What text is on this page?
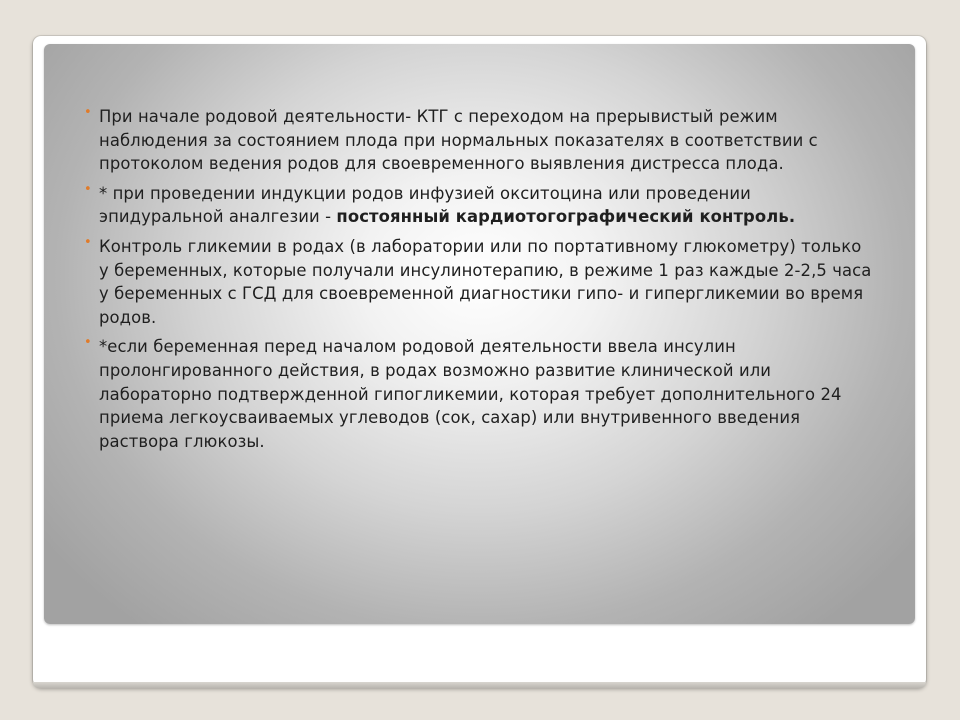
• При начале родовой деятельности- КТГ с переходом на прерывистый режим наблюдения за состоянием плода при нормальных показателях в соответствии с протоколом ведения родов для своевременного выявления дистресса плода.
• * при проведении индукции родов инфузией окситоцина или проведении эпидуральной аналгезии - постоянный кардиотогографический контроль.
• Контроль гликемии в родах (в лаборатории или по портативному глюкометру) только у беременных, которые получали инсулинотерапию, в режиме 1 раз каждые 2-2,5 часа у беременных с ГСД для своевременной диагностики гипо- и гипергликемии во время родов.
• *если беременная перед началом родовой деятельности ввела инсулин пролонгированного действия, в родах возможно развитие клинической или лабораторно подтвержденной гипогликемии, которая требует дополнительного 24 приема легкоусваиваемых углеводов (сок, сахар) или внутривенного введения раствора глюкозы.
